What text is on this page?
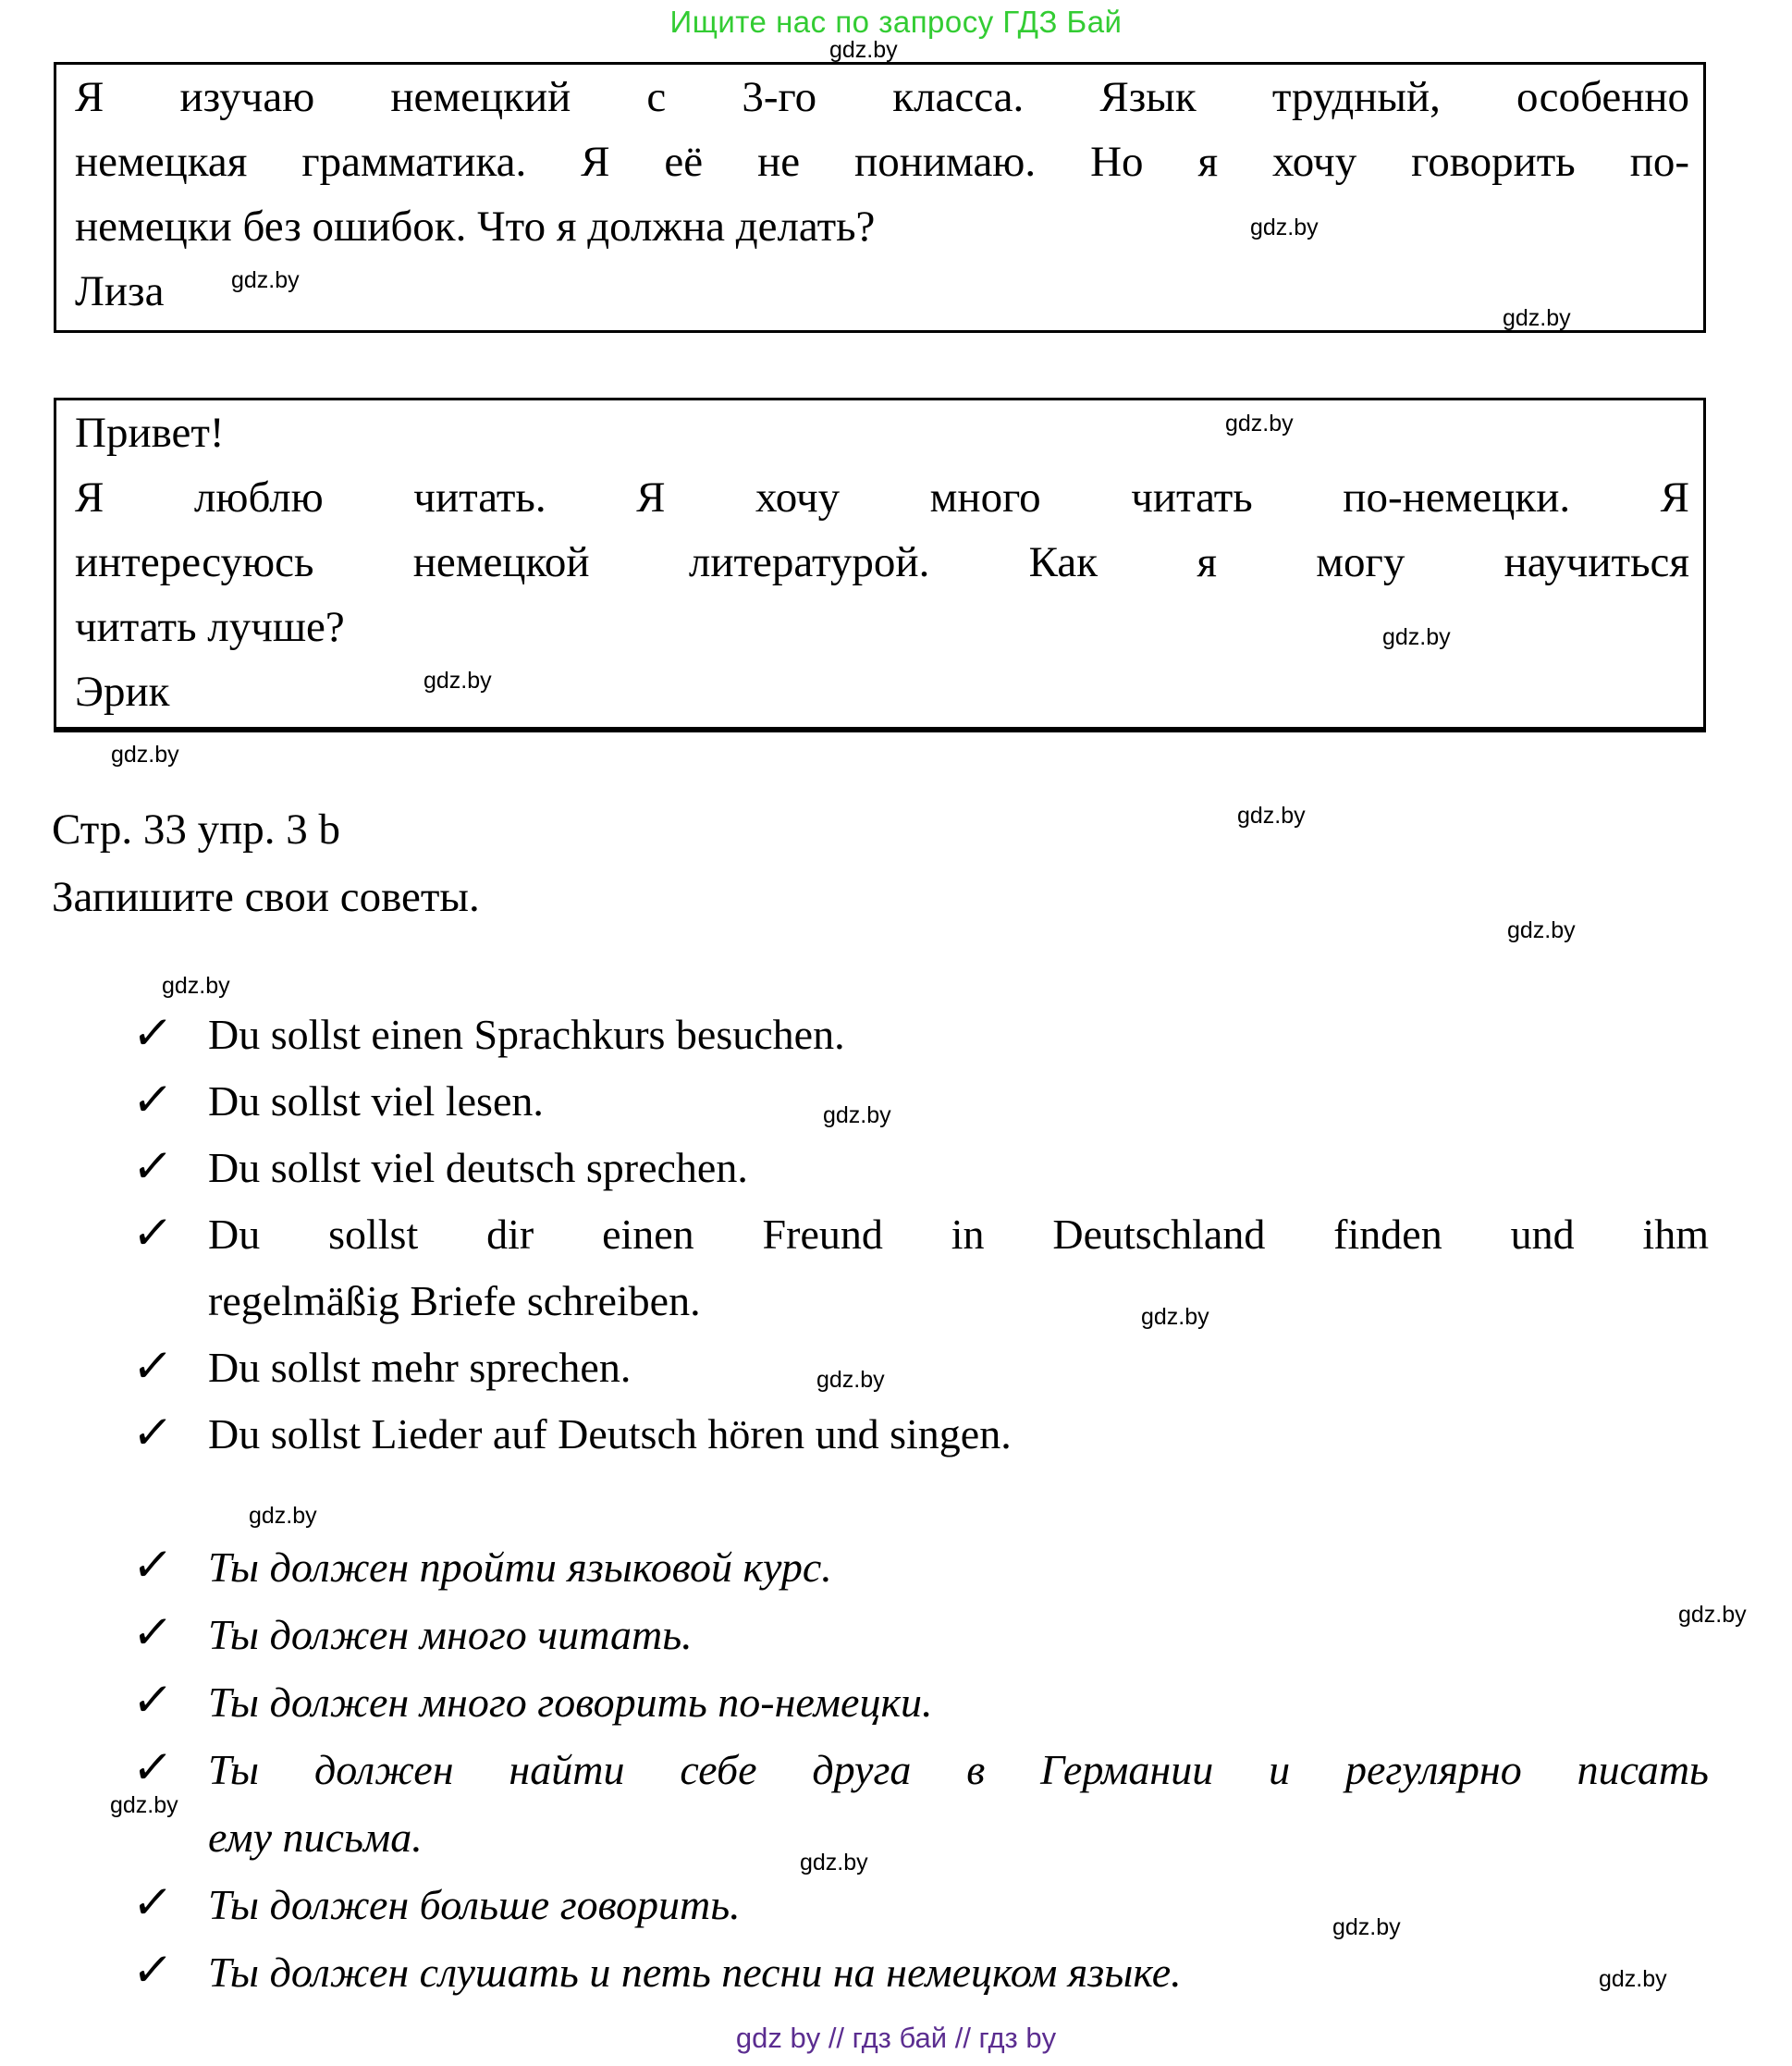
Ищите нас по запросу ГДЗ Бай
gdz.by
gdz.by
gdz.by
gdz.by
gdz.by
gdz.by
gdz.by
gdz.by
gdz.by
gdz.by
gdz.by
gdz.by
gdz.by
gdz.by
gdz.by
gdz.by
gdz.by
gdz.by
gdz.by
gdz.by
Я изучаю немецкий с 3-го класса. Язык трудный, особенно
немецкая грамматика. Я её не понимаю. Но я хочу говорить по-
немецки без ошибок. Что я должна делать?
Лиза
Привет!
Я люблю читать. Я хочу много читать по-немецки. Я
интересуюсь немецкой литературой. Как я могу научиться
читать лучше?
Эрик
Стр. 33 упр. 3 b
Запишите свои советы.
✓ Du sollst einen Sprachkurs besuchen.
✓ Du sollst viel lesen.
✓ Du sollst viel deutsch sprechen.
✓ Du sollst dir einen Freund in Deutschland finden und ihm
regelmäßig Briefe schreiben.
✓ Du sollst mehr sprechen.
✓ Du sollst Lieder auf Deutsch hören und singen.
✓ Ты должен пройти языковой курс.
✓ Ты должен много читать.
✓ Ты должен много говорить по-немецки.
✓ Ты должен найти себе друга в Германии и регулярно писать
ему письма.
✓ Ты должен больше говорить.
✓ Ты должен слушать и петь песни на немецком языке.
gdz by // гдз бай // гдз by
